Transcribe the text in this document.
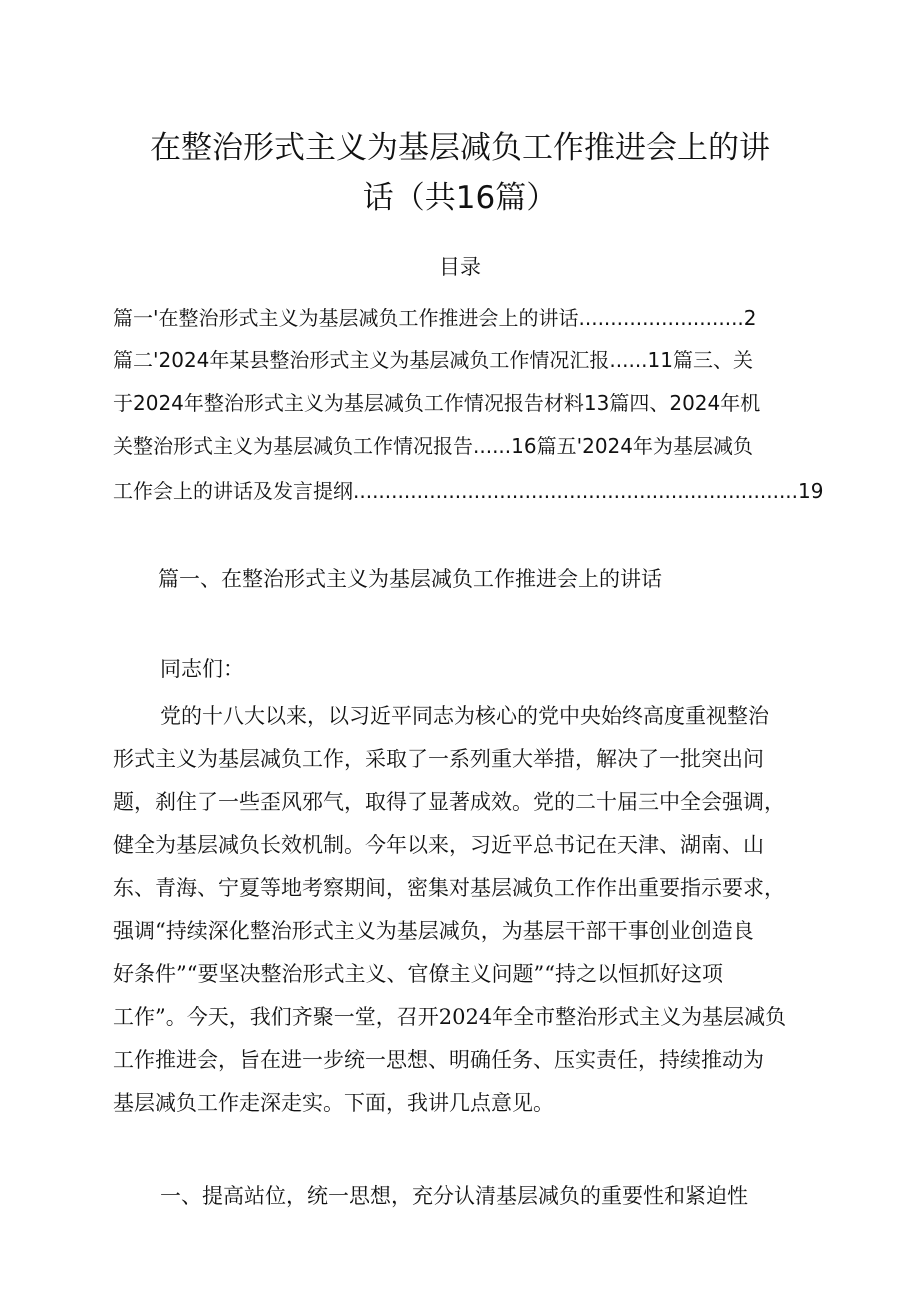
在整治形式主义为基层减负工作推进会上的讲
话（共16篇）
目录
篇一'在整治形式主义为基层减负工作推进会上的讲话..........................2
篇二'2024年某县整治形式主义为基层减负工作情况汇报......11篇三、关
于2024年整治形式主义为基层减负工作情况报告材料13篇四、2024年机
关整治形式主义为基层减负工作情况报告......16篇五'2024年为基层减负
工作会上的讲话及发言提纲......................................................................19
篇一、在整治形式主义为基层减负工作推进会上的讲话
同志们：
党的十八大以来，以习近平同志为核心的党中央始终高度重视整治
形式主义为基层减负工作，采取了一系列重大举措，解决了一批突出问
题，刹住了一些歪风邪气，取得了显著成效。党的二十届三中全会强调，
健全为基层减负长效机制。今年以来，习近平总书记在天津、湖南、山
东、青海、宁夏等地考察期间，密集对基层减负工作作出重要指示要求，
强调“持续深化整治形式主义为基层减负，为基层干部干事创业创造良
好条件”“要坚决整治形式主义、官僚主义问题”“持之以恒抓好这项
工作”。今天，我们齐聚一堂，召开2024年全市整治形式主义为基层减负
工作推进会，旨在进一步统一思想、明确任务、压实责任，持续推动为
基层减负工作走深走实。下面，我讲几点意见。
一、提高站位，统一思想，充分认清基层减负的重要性和紧迫性
